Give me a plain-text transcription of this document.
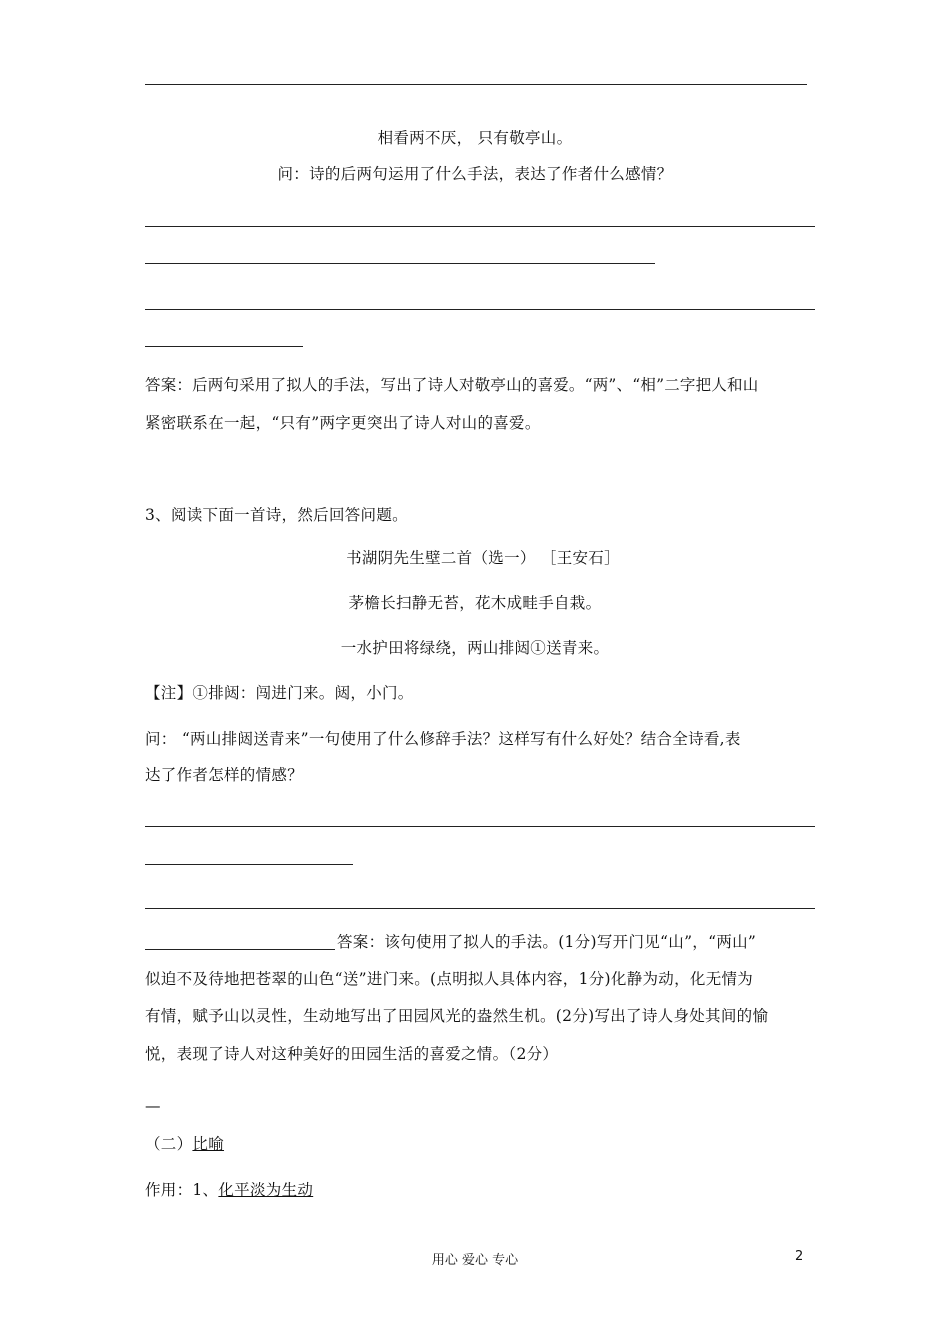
相看两不厌， 只有敬亭山。
问：诗的后两句运用了什么手法，表达了作者什么感情？
答案：后两句采用了拟人的手法，写出了诗人对敬亭山的喜爱。“两”、“相”二字把人和山
紧密联系在一起，“只有”两字更突出了诗人对山的喜爱。
3、阅读下面一首诗，然后回答问题。
书湖阴先生壁二首（选一） ［王安石］
茅檐长扫静无苔，花木成畦手自栽。
一水护田将绿绕，两山排闼①送青来。
【注】①排闼：闯进门来。闼，小门。
问： “两山排闼送青来”一句使用了什么修辞手法？这样写有什么好处？结合全诗看,表
达了作者怎样的情感？
答案：该句使用了拟人的手法。(1分)写开门见“山”，“两山”
似迫不及待地把苍翠的山色“送”进门来。(点明拟人具体内容，1分)化静为动，化无情为
有情，赋予山以灵性，生动地写出了田园风光的盎然生机。(2分)写出了诗人身处其间的愉
悦，表现了诗人对这种美好的田园生活的喜爱之情。（2分）
—
（二）比喻
作用：1、化平淡为生动
用心 爱心 专心	2
